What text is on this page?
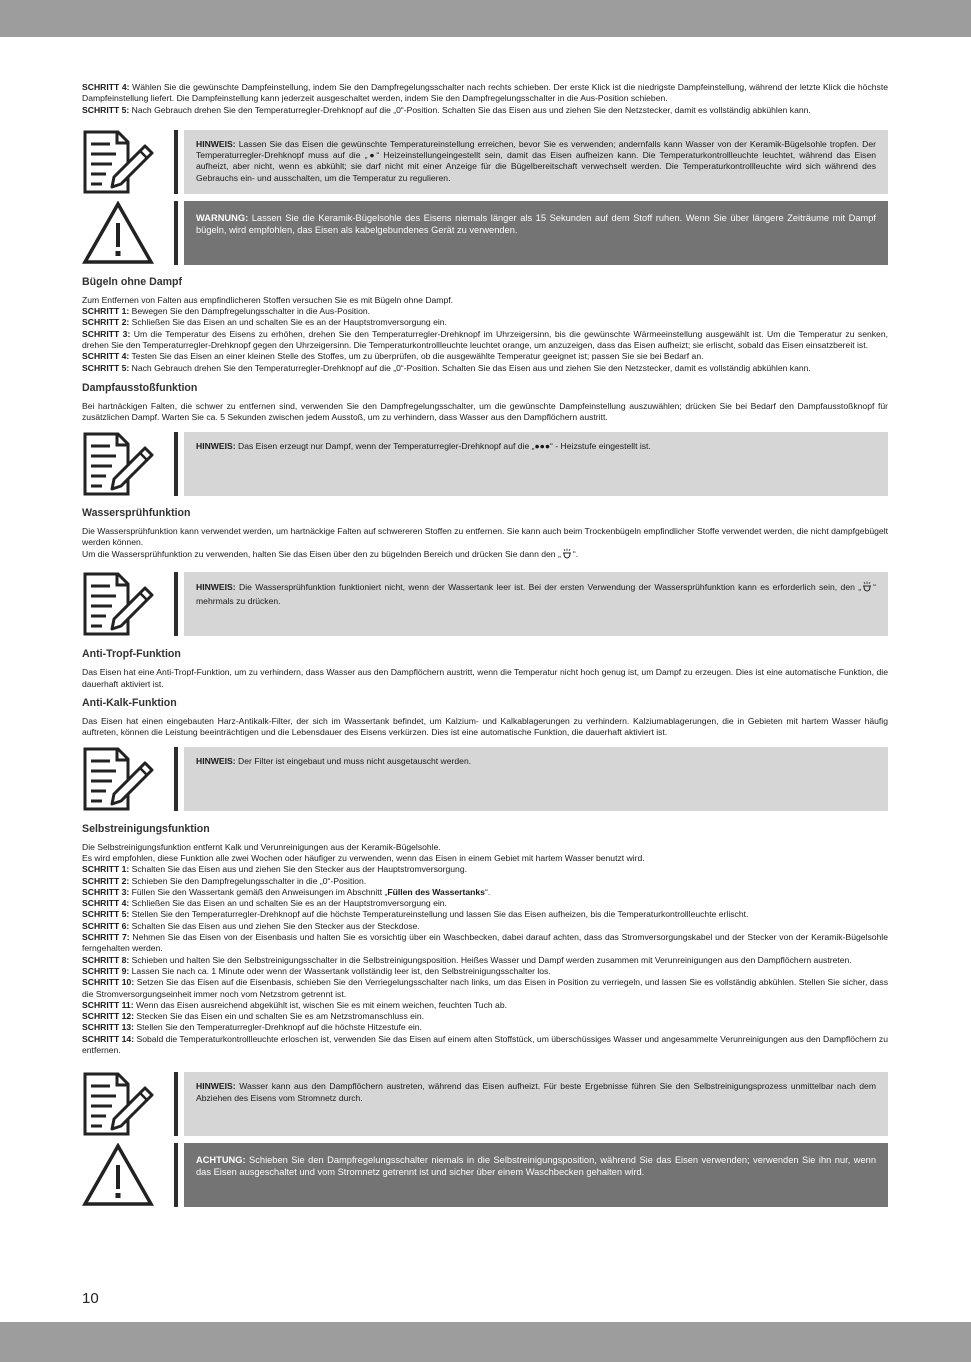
SCHRITT 4: Wählen Sie die gewünschte Dampfeinstellung, indem Sie den Dampfregelungsschalter nach rechts schieben. Der erste Klick ist die niedrigste Dampfeinstellung, während der letzte Klick die höchste Dampfeinstellung liefert. Die Dampfeinstellung kann jederzeit ausgeschaltet werden, indem Sie den Dampfregelungsschalter in die Aus-Position schieben.

SCHRITT 5: Nach Gebrauch drehen Sie den Temperaturregler-Drehknopf auf die „0“-Position. Schalten Sie das Eisen aus und ziehen Sie den Netzstecker, damit es vollständig abkühlen kann.

HINWEIS: Lassen Sie das Eisen die gewünschte Temperatureinstellung erreichen, bevor Sie es verwenden; andernfalls kann Wasser von der Keramik-Bügelsohle tropfen. Der Temperaturregler-Drehknopf muss auf die „●“ Heizeinstellungeingestellt sein, damit das Eisen aufheizen kann. Die Temperaturkontrollleuchte leuchtet, während das Eisen aufheizt, aber nicht, wenn es abkühlt; sie darf nicht mit einer Anzeige für die Bügelbereitschaft verwechselt werden. Die Temperaturkontrollleuchte wird sich während des Gebrauchs ein- und ausschalten, um die Temperatur zu regulieren.
WARNUNG: Lassen Sie die Keramik-Bügelsohle des Eisens niemals länger als 15 Sekunden auf dem Stoff ruhen. Wenn Sie über längere Zeiträume mit Dampf bügeln, wird empfohlen, das Eisen als kabelgebundenes Gerät zu verwenden.
Bügeln ohne Dampf

Zum Entfernen von Falten aus empfindlicheren Stoffen versuchen Sie es mit Bügeln ohne Dampf.

SCHRITT 1: Bewegen Sie den Dampfregelungsschalter in die Aus-Position.

SCHRITT 2: Schließen Sie das Eisen an und schalten Sie es an der Hauptstromversorgung ein.

SCHRITT 3: Um die Temperatur des Eisens zu erhöhen, drehen Sie den Temperaturregler-Drehknopf im Uhrzeigersinn, bis die gewünschte Wärmeeinstellung ausgewählt ist. Um die Temperatur zu senken, drehen Sie den Temperaturregler-Drehknopf gegen den Uhrzeigersinn. Die Temperaturkontrollleuchte leuchtet orange, um anzuzeigen, dass das Eisen aufheizt; sie erlischt, sobald das Eisen einsatzbereit ist.

SCHRITT 4: Testen Sie das Eisen an einer kleinen Stelle des Stoffes, um zu überprüfen, ob die ausgewählte Temperatur geeignet ist; passen Sie sie bei Bedarf an.

SCHRITT 5: Nach Gebrauch drehen Sie den Temperaturregler-Drehknopf auf die „0“-Position. Schalten Sie das Eisen aus und ziehen Sie den Netzstecker, damit es vollständig abkühlen kann.

Dampfausstoßfunktion

Bei hartnäckigen Falten, die schwer zu entfernen sind, verwenden Sie den Dampfregelungsschalter, um die gewünschte Dampfeinstellung auszuwählen; drücken Sie bei Bedarf den Dampfausstoßknopf für zusätzlichen Dampf. Warten Sie ca. 5 Sekunden zwischen jedem Ausstoß, um zu verhindern, dass Wasser aus den Dampflöchern austritt.

HINWEIS: Das Eisen erzeugt nur Dampf, wenn der Temperaturregler-Drehknopf auf die „●●●“ - Heizstufe eingestellt ist.
Wassersprühfunktion

Die Wassersprühfunktion kann verwendet werden, um hartnäckige Falten auf schwereren Stoffen zu entfernen. Sie kann auch beim Trockenbügeln empfindlicher Stoffe verwendet werden, die nicht dampfgebügelt werden können.

Um die Wassersprühfunktion zu verwenden, halten Sie das Eisen über den zu bügelnden Bereich und drücken Sie dann den „ “.

HINWEIS: Die Wassersprühfunktion funktioniert nicht, wenn der Wassertank leer ist. Bei der ersten Verwendung der Wassersprühfunktion kann es erforderlich sein, den „ “ mehrmals zu drücken.
Anti-Tropf-Funktion

Das Eisen hat eine Anti-Tropf-Funktion, um zu verhindern, dass Wasser aus den Dampflöchern austritt, wenn die Temperatur nicht hoch genug ist, um Dampf zu erzeugen. Dies ist eine automatische Funktion, die dauerhaft aktiviert ist.

Anti-Kalk-Funktion

Das Eisen hat einen eingebauten Harz-Antikalk-Filter, der sich im Wassertank befindet, um Kalzium- und Kalkablagerungen zu verhindern. Kalziumablagerungen, die in Gebieten mit hartem Wasser häufig auftreten, können die Leistung beeinträchtigen und die Lebensdauer des Eisens verkürzen. Dies ist eine automatische Funktion, die dauerhaft aktiviert ist.

HINWEIS: Der Filter ist eingebaut und muss nicht ausgetauscht werden.
Selbstreinigungsfunktion

Die Selbstreinigungsfunktion entfernt Kalk und Verunreinigungen aus der Keramik-Bügelsohle.

Es wird empfohlen, diese Funktion alle zwei Wochen oder häufiger zu verwenden, wenn das Eisen in einem Gebiet mit hartem Wasser benutzt wird.

SCHRITT 1: Schalten Sie das Eisen aus und ziehen Sie den Stecker aus der Hauptstromversorgung.

SCHRITT 2: Schieben Sie den Dampfregelungsschalter in die „0“-Position.

SCHRITT 3: Füllen Sie den Wassertank gemäß den Anweisungen im Abschnitt „Füllen des Wassertanks“.

SCHRITT 4: Schließen Sie das Eisen an und schalten Sie es an der Hauptstromversorgung ein.

SCHRITT 5: Stellen Sie den Temperaturregler-Drehknopf auf die höchste Temperatureinstellung und lassen Sie das Eisen aufheizen, bis die Temperaturkontrollleuchte erlischt.

SCHRITT 6: Schalten Sie das Eisen aus und ziehen Sie den Stecker aus der Steckdose.

SCHRITT 7: Nehmen Sie das Eisen von der Eisenbasis und halten Sie es vorsichtig über ein Waschbecken, dabei darauf achten, dass das Stromversorgungskabel und der Stecker von der Keramik-Bügelsohle ferngehalten werden.

SCHRITT 8: Schieben und halten Sie den Selbstreinigungsschalter in die Selbstreinigungsposition. Heißes Wasser und Dampf werden zusammen mit Verunreinigungen aus den Dampflöchern austreten.

SCHRITT 9: Lassen Sie nach ca. 1 Minute oder wenn der Wassertank vollständig leer ist, den Selbstreinigungsschalter los.

SCHRITT 10: Setzen Sie das Eisen auf die Eisenbasis, schieben Sie den Verriegelungsschalter nach links, um das Eisen in Position zu verriegeln, und lassen Sie es vollständig abkühlen. Stellen Sie sicher, dass die Stromversorgungseinheit immer noch vom Netzstrom getrennt ist.

SCHRITT 11: Wenn das Eisen ausreichend abgekühlt ist, wischen Sie es mit einem weichen, feuchten Tuch ab.

SCHRITT 12: Stecken Sie das Eisen ein und schalten Sie es am Netzstromanschluss ein.

SCHRITT 13: Stellen Sie den Temperaturregler-Drehknopf auf die höchste Hitzestufe ein.

SCHRITT 14: Sobald die Temperaturkontrollleuchte erloschen ist, verwenden Sie das Eisen auf einem alten Stoffstück, um überschüssiges Wasser und angesammelte Verunreinigungen aus den Dampflöchern zu entfernen.

HINWEIS: Wasser kann aus den Dampflöchern austreten, während das Eisen aufheizt. Für beste Ergebnisse führen Sie den Selbstreinigungsprozess unmittelbar nach dem Abziehen des Eisens vom Stromnetz durch.
ACHTUNG: Schieben Sie den Dampfregelungsschalter niemals in die Selbstreinigungsposition, während Sie das Eisen verwenden; verwenden Sie ihn nur, wenn das Eisen ausgeschaltet und vom Stromnetz getrennt ist und sicher über einem Waschbecken gehalten wird.
10
